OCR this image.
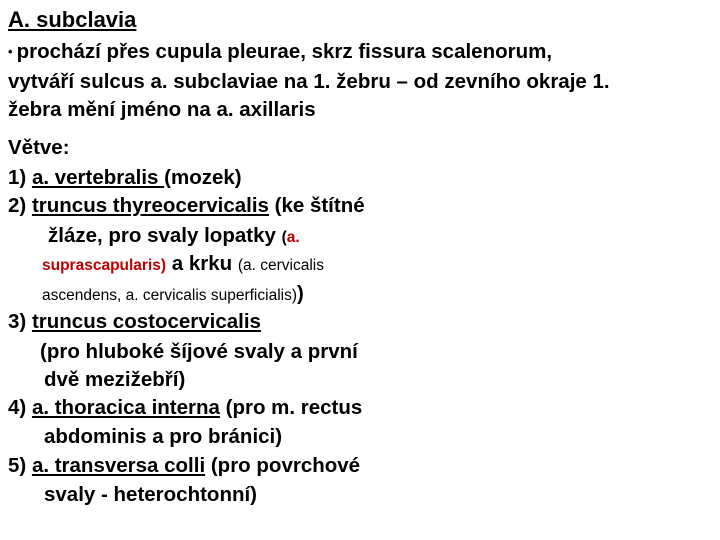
A. subclavia
• prochází přes cupula pleurae, skrz fissura scalenorum,
vytváří sulcus a. subclaviae na 1. žebru – od zevního okraje 1.
žebra mění jméno na a. axillaris
Větve:
1) a. vertebralis (mozek)
2) truncus thyreocervicalis (ke štítné
žláze, pro svaly lopatky (a.
suprascapularis) a krku (a. cervicalis
ascendens, a. cervicalis superficialis))
3) truncus costocervicalis
(pro hluboké šíjové svaly a první
dvě mezižebří)
4) a. thoracica interna (pro m. rectus
abdominis a pro bránici)
5) a. transversa colli (pro povrchové
svaly - heterochtonní)
